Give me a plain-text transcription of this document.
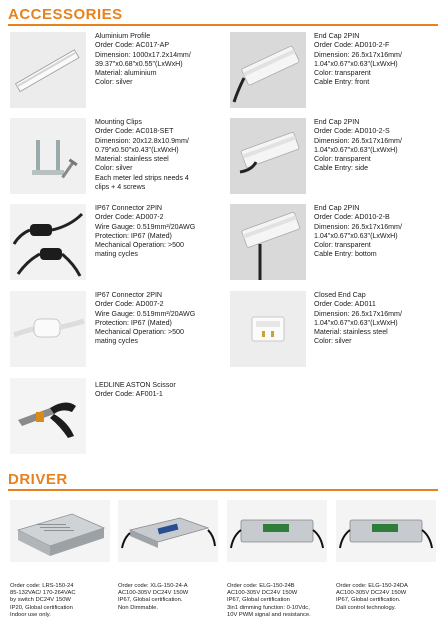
ACCESSORIES
DRIVER
Aluminium Profile
Order Code: AC017-AP
Dimension: 1000x17.2x14mm/
39.37"x0.68"x0.55"(LxWxH)
Material: aluminium
Color: silver
End Cap 2PIN
Order Code: AD010-2-F
Dimension: 26.5x17x16mm/
1.04"x0.67"x0.63"(LxWxH)
Color: transparent
Cable Entry: front
Mounting Clips
Order Code: AC018-SET
Dimension: 20x12.8x10.9mm/
0.79"x0.50"x0.43"(LxWxH)
Material: stainless steel
Color: silver
Each meter led strips needs 4
clips + 4 screws
End Cap 2PIN
Order Code: AD010-2-S
Dimension: 26.5x17x16mm/
1.04"x0.67"x0.63"(LxWxH)
Color: transparent
Cable Entry: side
IP67 Connector 2PIN
Order Code: AD007-2
Wire Gauge: 0.519mm²/20AWG
Protection: IP67 (Mated)
Mechanical Operation: >500
mating cycles
End Cap 2PIN
Order Code: AD010-2-B
Dimension: 26.5x17x16mm/
1.04"x0.67"x0.63"(LxWxH)
Color: transparent
Cable Entry: bottom
IP67 Connector 2PIN
Order Code: AD007-2
Wire Gauge: 0.519mm²/20AWG
Protection: IP67 (Mated)
Mechanical Operation: >500
mating cycles
Closed End Cap
Order Code: AD011
Dimension: 26.5x17x16mm/
1.04"x0.67"x0.63"(LxWxH)
Material: stainless steel
Color: silver
LEDLINE ASTON Scissor
Order Code: AF001-1
Order code: LRS-150-24
85-132VAC/ 170-264VAC
by switch DC24V 150W
IP20, Global certification
Indoor use only.
Order code: XLG-150-24-A
AC100-305V DC24V 150W
IP67, Global certification.
Non Dimmable.
Order code: ELG-150-24B
AC100-305V DC24V 150W
IP67, Global certification
3in1 dimming function: 0-10Vdc,
10V PWM signal and resistance.
Order code: ELG-150-24DA
AC100-305V DC24V 150W
IP67, Global certification.
Dali control technology.
